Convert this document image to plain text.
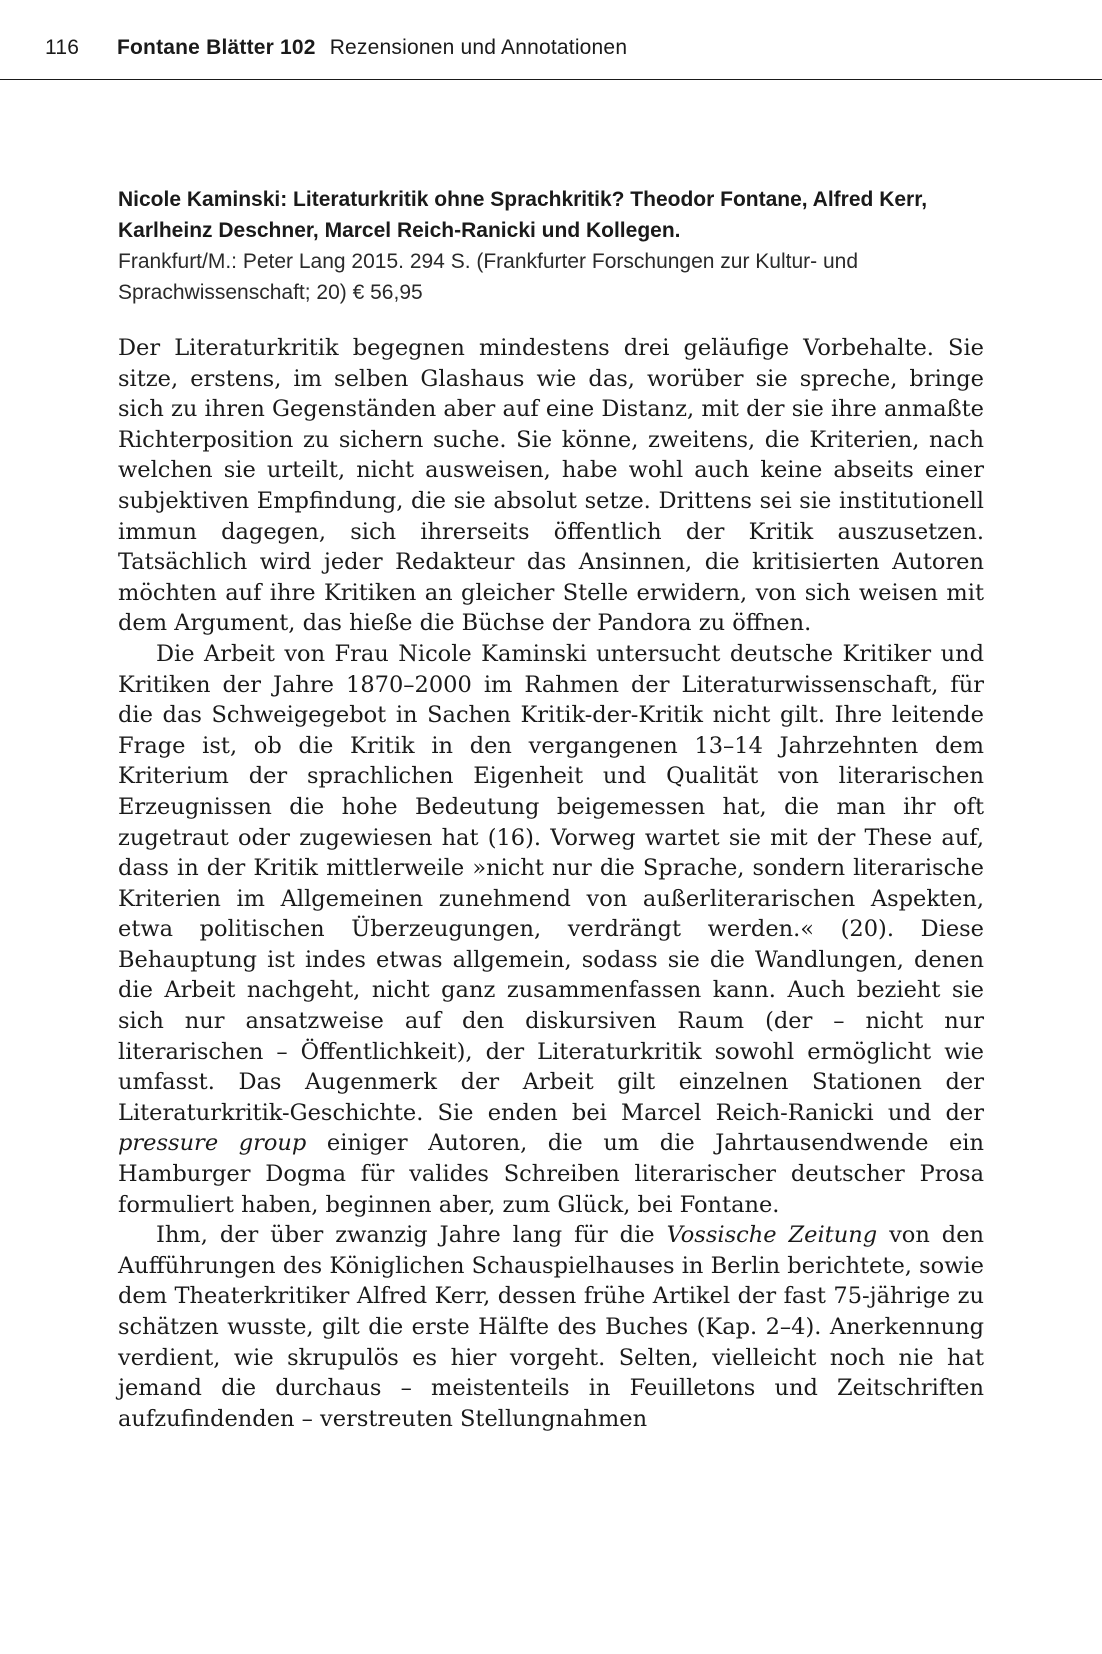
116 Fontane Blätter 102 Rezensionen und Annotationen

Nicole Kaminski: Literaturkritik ohne Sprachkritik? Theodor Fontane, Alfred Kerr, Karlheinz Deschner, Marcel Reich-Ranicki und Kollegen.

Frankfurt/M.: Peter Lang 2015. 294 S. (Frankfurter Forschungen zur Kultur- und Sprachwissenschaft; 20) € 56,95

Der Literaturkritik begegnen mindestens drei geläufige Vorbehalte. Sie sitze, erstens, im selben Glashaus wie das, worüber sie spreche, bringe sich zu ihren Gegenständen aber auf eine Distanz, mit der sie ihre anmaßte Richterposition zu sichern suche. Sie könne, zweitens, die Kriterien, nach welchen sie urteilt, nicht ausweisen, habe wohl auch keine abseits einer subjektiven Empfindung, die sie absolut setze. Drittens sei sie institutionell immun dagegen, sich ihrerseits öffentlich der Kritik auszusetzen. Tatsächlich wird jeder Redakteur das Ansinnen, die kritisierten Autoren möchten auf ihre Kritiken an gleicher Stelle erwidern, von sich weisen mit dem Argument, das hieße die Büchse der Pandora zu öffnen.

Die Arbeit von Frau Nicole Kaminski untersucht deutsche Kritiker und Kritiken der Jahre 1870–2000 im Rahmen der Literaturwissenschaft, für die das Schweigegebot in Sachen Kritik-der-Kritik nicht gilt. Ihre leitende Frage ist, ob die Kritik in den vergangenen 13–14 Jahrzehnten dem Kriterium der sprachlichen Eigenheit und Qualität von literarischen Erzeugnissen die hohe Bedeutung beigemessen hat, die man ihr oft zugetraut oder zugewiesen hat (16). Vorweg wartet sie mit der These auf, dass in der Kritik mittlerweile »nicht nur die Sprache, sondern literarische Kriterien im Allgemeinen zunehmend von außerliterarischen Aspekten, etwa politischen Überzeugungen, verdrängt werden.« (20). Diese Behauptung ist indes etwas allgemein, sodass sie die Wandlungen, denen die Arbeit nachgeht, nicht ganz zusammenfassen kann. Auch bezieht sie sich nur ansatzweise auf den diskursiven Raum (der – nicht nur literarischen – Öffentlichkeit), der Literaturkritik sowohl ermöglicht wie umfasst. Das Augenmerk der Arbeit gilt einzelnen Stationen der Literaturkritik-Geschichte. Sie enden bei Marcel Reich-Ranicki und der pressure group einiger Autoren, die um die Jahrtausendwende ein Hamburger Dogma für valides Schreiben literarischer deutscher Prosa formuliert haben, beginnen aber, zum Glück, bei Fontane.

Ihm, der über zwanzig Jahre lang für die Vossische Zeitung von den Aufführungen des Königlichen Schauspielhauses in Berlin berichtete, sowie dem Theaterkritiker Alfred Kerr, dessen frühe Artikel der fast 75-jährige zu schätzen wusste, gilt die erste Hälfte des Buches (Kap. 2–4). Anerkennung verdient, wie skrupulös es hier vorgeht. Selten, vielleicht noch nie hat jemand die durchaus – meistenteils in Feuilletons und Zeitschriften aufzufindenden – verstreuten Stellungnahmen
